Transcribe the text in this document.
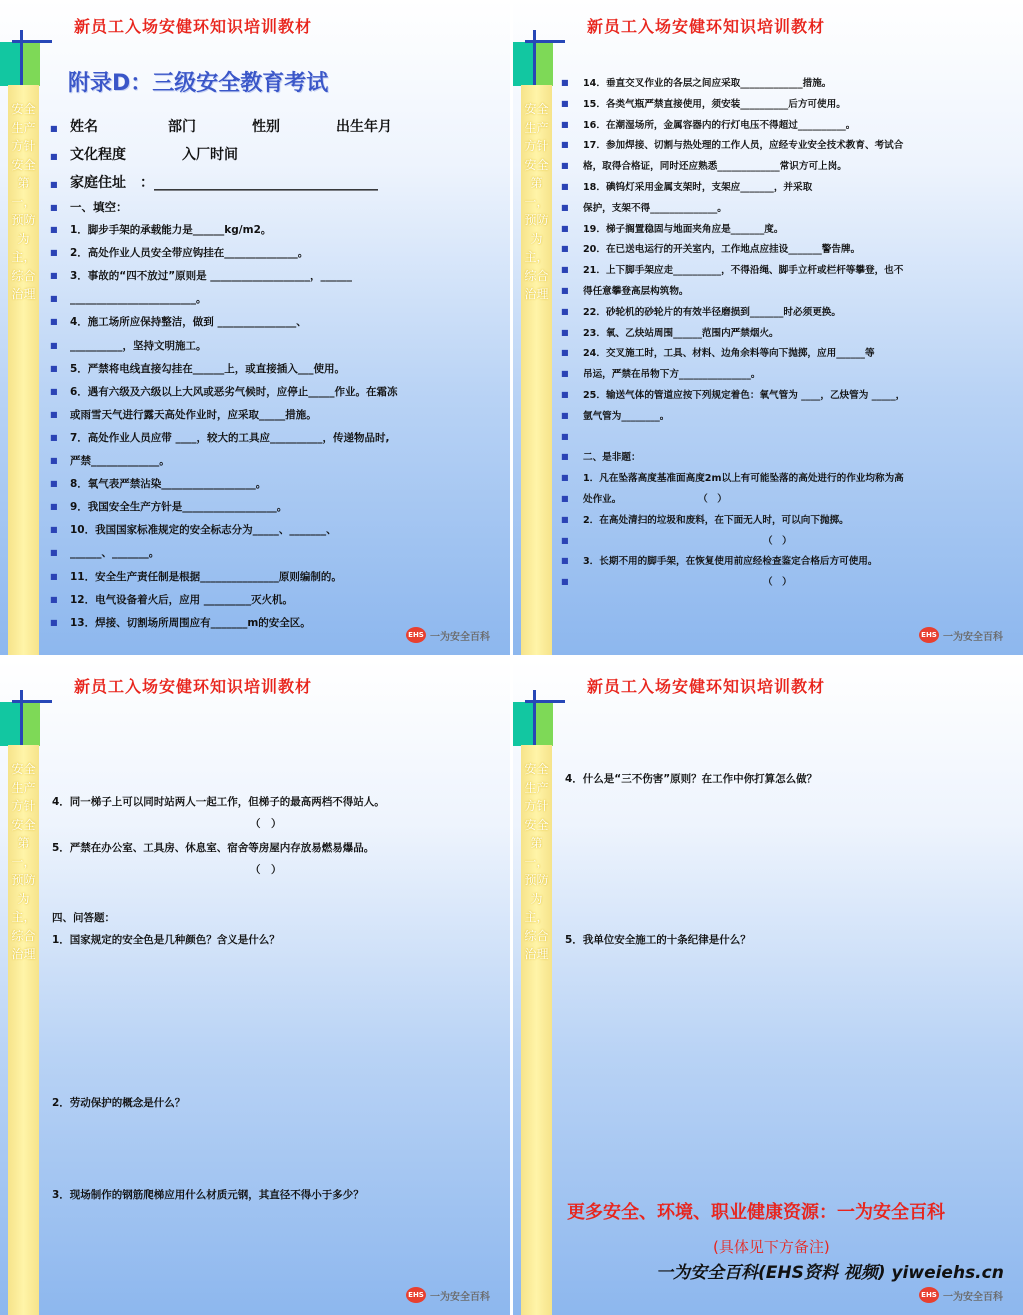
新员工入场安健环知识培训教材
安全生产方针 安全第一，预防为主，综合治理
附录D：三级安全教育考试
■ 姓名　　　　　部门　　　　性别　　　　出生年月
■ 文化程度　　　　入厂时间
■ 家庭住址　：________________________________
■ 一、填空：
■ 1．脚步手架的承载能力是______kg/m2。
■ 2．高处作业人员安全带应钩挂在______________。
■ 3．事故的“四不放过”原则是 ___________________，______
■ ________________________。
■ 4．施工场所应保持整洁，做到 _______________、
■ __________，坚持文明施工。
■ 5．严禁将电线直接勾挂在______上，或直接插入___使用。
■ 6．遇有六级及六级以上大风或恶劣气候时，应停止_____作业。在霜冻
■ 或雨雪天气进行露天高处作业时，应采取_____措施。
■ 7．高处作业人员应带 ____，较大的工具应__________，传递物品时,
■ 严禁_____________。
■ 8．氧气表严禁沾染__________________。
■ 9．我国安全生产方针是__________________。
■ 10．我国国家标准规定的安全标志分为_____、_______、
■ ______、_______。
■ 11．安全生产责任制是根据_______________原则编制的。
■ 12．电气设备着火后，应用 _________灭火机。
■ 13．焊接、切割场所周围应有_______m的安全区。
EHS 一为安全百科
新员工入场安健环知识培训教材
安全生产方针 安全第一，预防为主，综合治理
■ 14．垂直交叉作业的各层之间应采取_____________措施。
■ 15．各类气瓶严禁直接使用，须安装__________后方可使用。
■ 16．在潮湿场所，金属容器内的行灯电压不得超过__________。
■ 17．参加焊接、切割与热处理的工作人员，应经专业安全技术教育、考试合
■ 格，取得合格证，同时还应熟悉_____________常识方可上岗。
■ 18．碘钨灯采用金属支架时，支架应_______，并采取
■ 保护，支架不得______________。
■ 19．梯子搁置稳固与地面夹角应是_______度。
■ 20．在已送电运行的开关室内，工作地点应挂设_______警告牌。
■ 21．上下脚手架应走__________，不得沿绳、脚手立杆或栏杆等攀登，也不
■ 得任意攀登高层构筑物。
■ 22．砂轮机的砂轮片的有效半径磨损到_______时必须更换。
■ 23．氧、乙炔站周围______范围内严禁烟火。
■ 24．交叉施工时，工具、材料、边角余料等向下抛掷，应用______等
■ 吊运，严禁在吊物下方_______________。
■ 25．输送气体的管道应按下列规定着色：氧气管为 ____，乙炔管为 _____，
■ 氩气管为________。
■
■ 二、是非题：
■ 1．凡在坠落高度基准面高度2m以上有可能坠落的高处进行的作业均称为高
■ 处作业。　　　　　　　　　（　）
■ 2．在高处清扫的垃圾和废料，在下面无人时，可以向下抛掷。
■	（　）
■ 3．长期不用的脚手架，在恢复使用前应经检查鉴定合格后方可使用。
■	（　）
EHS 一为安全百科
新员工入场安健环知识培训教材
安全生产方针 安全第一，预防为主，综合治理
4．同一梯子上可以同时站两人一起工作，但梯子的最高两档不得站人。
（　）
5．严禁在办公室、工具房、休息室、宿舍等房屋内存放易燃易爆品。
（　）
四、问答题：
1．国家规定的安全色是几种颜色？含义是什么？
2．劳动保护的概念是什么？
3．现场制作的钢筋爬梯应用什么材质元钢，其直径不得小于多少？
EHS 一为安全百科
新员工入场安健环知识培训教材
安全生产方针 安全第一，预防为主，综合治理
4．什么是“三不伤害”原则？在工作中你打算怎么做？
5．我单位安全施工的十条纪律是什么？
更多安全、环境、职业健康资源：一为安全百科
(具体见下方备注)
一为安全百科(EHS资料 视频) yiweiehs.cn
EHS 一为安全百科
